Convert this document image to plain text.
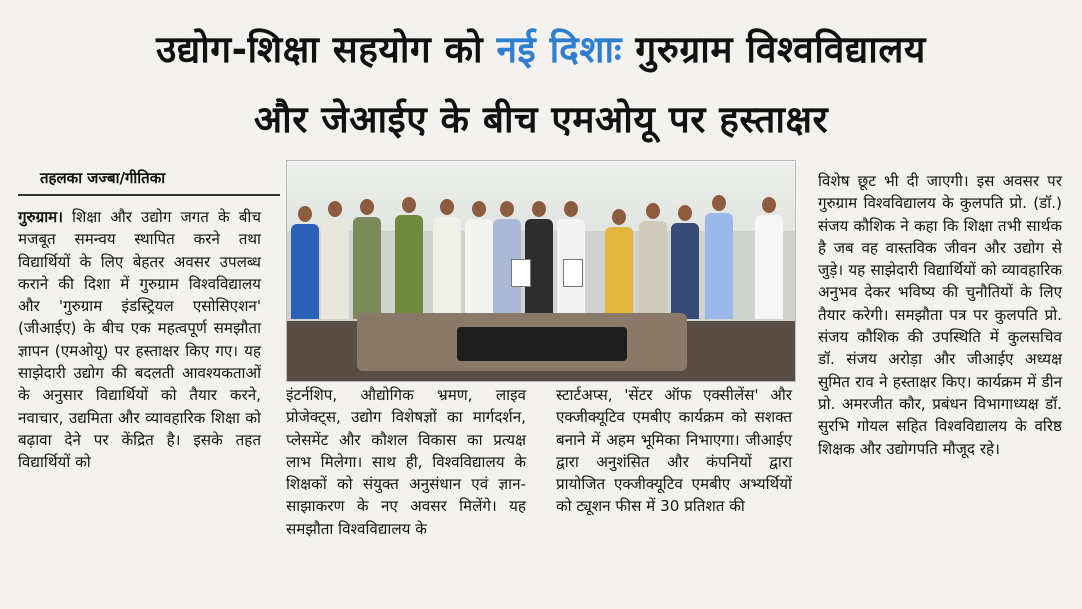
उद्योग-शिक्षा सहयोग को नई दिशाः गुरुग्राम विश्वविद्यालय
और जेआईए के बीच एमओयू पर हस्ताक्षर
तहलका जज्बा/गीतिका
गुरुग्राम। शिक्षा और उद्योग जगत के बीच मजबूत समन्वय स्थापित करने तथा विद्यार्थियों के लिए बेहतर अवसर उपलब्ध कराने की दिशा में गुरुग्राम विश्वविद्यालय और 'गुरुग्राम इंडस्ट्रियल एसोसिएशन' (जीआईए) के बीच एक महत्वपूर्ण समझौता ज्ञापन (एमओयू) पर हस्ताक्षर किए गए। यह साझेदारी उद्योग की बदलती आवश्यकताओं के अनुसार विद्यार्थियों को तैयार करने, नवाचार, उद्यमिता और व्यावहारिक शिक्षा को बढ़ावा देने पर केंद्रित है। इसके तहत विद्यार्थियों को
इंटर्नशिप, औद्योगिक भ्रमण, लाइव प्रोजेक्ट्स, उद्योग विशेषज्ञों का मार्गदर्शन, प्लेसमेंट और कौशल विकास का प्रत्यक्ष लाभ मिलेगा। साथ ही, विश्वविद्यालय के शिक्षकों को संयुक्त अनुसंधान एवं ज्ञान-साझाकरण के नए अवसर मिलेंगे। यह समझौता विश्वविद्यालय के
स्टार्टअप्स, 'सेंटर ऑफ एक्सीलेंस' और एक्जीक्यूटिव एमबीए कार्यक्रम को सशक्त बनाने में अहम भूमिका निभाएगा। जीआईए द्वारा अनुशंसित और कंपनियों द्वारा प्रायोजित एक्जीक्यूटिव एमबीए अभ्यर्थियों को ट्यूशन फीस में 30 प्रतिशत की
विशेष छूट भी दी जाएगी। इस अवसर पर गुरुग्राम विश्वविद्यालय के कुलपति प्रो. (डॉ.) संजय कौशिक ने कहा कि शिक्षा तभी सार्थक है जब वह वास्तविक जीवन और उद्योग से जुड़े। यह साझेदारी विद्यार्थियों को व्यावहारिक अनुभव देकर भविष्य की चुनौतियों के लिए तैयार करेगी। समझौता पत्र पर कुलपति प्रो. संजय कौशिक की उपस्थिति में कुलसचिव डॉ. संजय अरोड़ा और जीआईए अध्यक्ष सुमित राव ने हस्ताक्षर किए। कार्यक्रम में डीन प्रो. अमरजीत कौर, प्रबंधन विभागाध्यक्ष डॉ. सुरभि गोयल सहित विश्वविद्यालय के वरिष्ठ शिक्षक और उद्योगपति मौजूद रहे।
